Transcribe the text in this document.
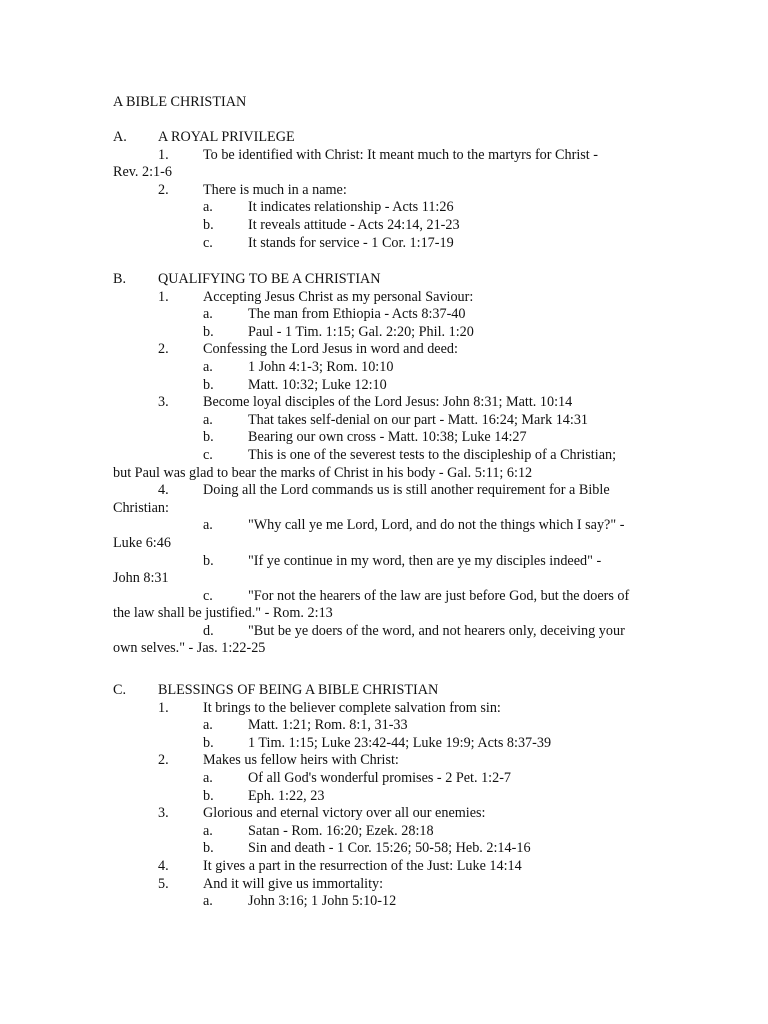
A BIBLE CHRISTIAN
A.	A ROYAL PRIVILEGE
1.	To be identified with Christ: It meant much to the martyrs for Christ -
Rev. 2:1-6
2.	There is much in a name:
a.	It indicates relationship - Acts 11:26
b.	It reveals attitude - Acts 24:14, 21-23
c.	It stands for service - 1 Cor. 1:17-19
B.	QUALIFYING TO BE A CHRISTIAN
1.	Accepting Jesus Christ as my personal Saviour:
a.	The man from Ethiopia - Acts 8:37-40
b.	Paul - 1 Tim. 1:15; Gal. 2:20; Phil. 1:20
2.	Confessing the Lord Jesus in word and deed:
a.	1 John 4:1-3; Rom. 10:10
b.	Matt. 10:32; Luke 12:10
3.	Become loyal disciples of the Lord Jesus: John 8:31; Matt. 10:14
a.	That takes self-denial on our part - Matt. 16:24; Mark 14:31
b.	Bearing our own cross - Matt. 10:38; Luke 14:27
c.	This is one of the severest tests to the discipleship of a Christian;
but Paul was glad to bear the marks of Christ in his body - Gal. 5:11; 6:12
4.	Doing all the Lord commands us is still another requirement for a Bible
Christian:
a.	"Why call ye me Lord, Lord, and do not the things which I say?" -
Luke 6:46
b.	"If ye continue in my word, then are ye my disciples indeed" -
John 8:31
c.	"For not the hearers of the law are just before God, but the doers of
the law shall be justified." - Rom. 2:13
d.	"But be ye doers of the word, and not hearers only, deceiving your
own selves." - Jas. 1:22-25
C.	BLESSINGS OF BEING A BIBLE CHRISTIAN
1.	It brings to the believer complete salvation from sin:
a.	Matt. 1:21; Rom. 8:1, 31-33
b.	1 Tim. 1:15; Luke 23:42-44; Luke 19:9; Acts 8:37-39
2.	Makes us fellow heirs with Christ:
a.	Of all God's wonderful promises - 2 Pet. 1:2-7
b.	Eph. 1:22, 23
3.	Glorious and eternal victory over all our enemies:
a.	Satan - Rom. 16:20; Ezek. 28:18
b.	Sin and death - 1 Cor. 15:26; 50-58; Heb. 2:14-16
4.	It gives a part in the resurrection of the Just: Luke 14:14
5.	And it will give us immortality:
a.	John 3:16; 1 John 5:10-12
